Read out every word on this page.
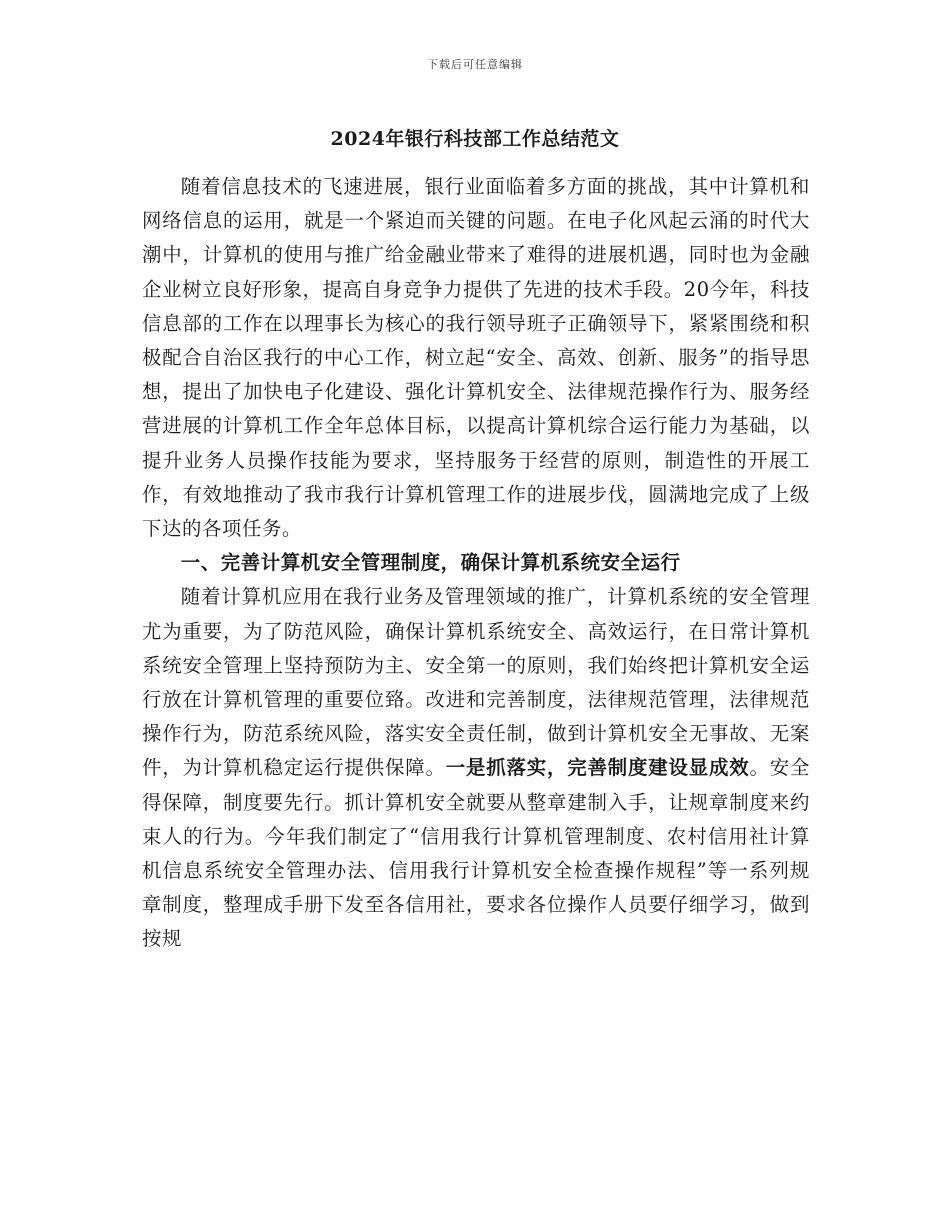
下载后可任意编辑
2024年银行科技部工作总结范文

随着信息技术的飞速进展，银行业面临着多方面的挑战，其中计算机和网络信息的运用，就是一个紧迫而关键的问题。在电子化风起云涌的时代大潮中，计算机的使用与推广给金融业带来了难得的进展机遇，同时也为金融企业树立良好形象，提高自身竞争力提供了先进的技术手段。20今年，科技信息部的工作在以理事长为核心的我行领导班子正确领导下，紧紧围绕和积极配合自治区我行的中心工作，树立起“安全、高效、创新、服务”的指导思想，提出了加快电子化建设、强化计算机安全、法律规范操作行为、服务经营进展的计算机工作全年总体目标，以提高计算机综合运行能力为基础，以提升业务人员操作技能为要求，坚持服务于经营的原则，制造性的开展工作，有效地推动了我市我行计算机管理工作的进展步伐，圆满地完成了上级下达的各项任务。

一、完善计算机安全管理制度，确保计算机系统安全运行

随着计算机应用在我行业务及管理领域的推广，计算机系统的安全管理尤为重要，为了防范风险，确保计算机系统安全、高效运行，在日常计算机系统安全管理上坚持预防为主、安全第一的原则，我们始终把计算机安全运行放在计算机管理的重要位臵。改进和完善制度，法律规范管理，法律规范操作行为，防范系统风险，落实安全责任制，做到计算机安全无事故、无案件，为计算机稳定运行提供保障。一是抓落实，完善制度建设显成效。安全得保障，制度要先行。抓计算机安全就要从整章建制入手，让规章制度来约束人的行为。今年我们制定了“信用我行计算机管理制度、农村信用社计算机信息系统安全管理办法、信用我行计算机安全检查操作规程”等一系列规章制度，整理成手册下发至各信用社，要求各位操作人员要仔细学习，做到按规
